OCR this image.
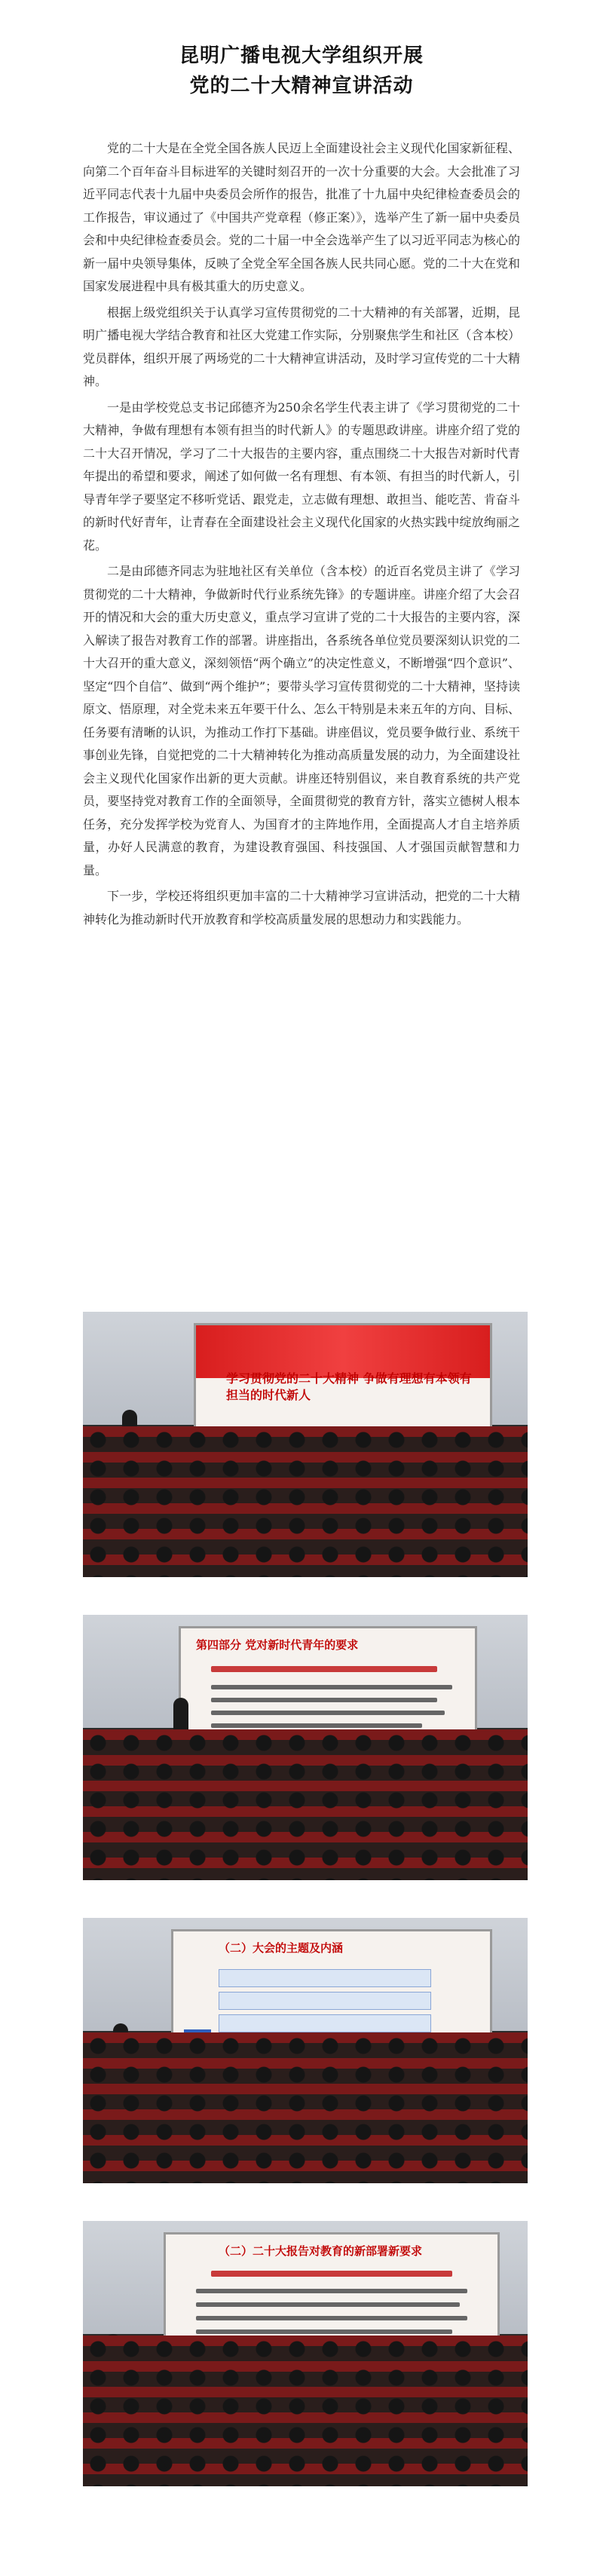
昆明广播电视大学组织开展
党的二十大精神宣讲活动

党的二十大是在全党全国各族人民迈上全面建设社会主义现代化国家新征程、向第二个百年奋斗目标进军的关键时刻召开的一次十分重要的大会。大会批准了习近平同志代表十九届中央委员会所作的报告，批准了十九届中央纪律检查委员会的工作报告，审议通过了《中国共产党章程（修正案）》，选举产生了新一届中央委员会和中央纪律检查委员会。党的二十届一中全会选举产生了以习近平同志为核心的新一届中央领导集体，反映了全党全军全国各族人民共同心愿。党的二十大在党和国家发展进程中具有极其重大的历史意义。

根据上级党组织关于认真学习宣传贯彻党的二十大精神的有关部署，近期，昆明广播电视大学结合教育和社区大党建工作实际，分别聚焦学生和社区（含本校）党员群体，组织开展了两场党的二十大精神宣讲活动，及时学习宣传党的二十大精神。

一是由学校党总支书记邱德齐为250余名学生代表主讲了《学习贯彻党的二十大精神，争做有理想有本领有担当的时代新人》的专题思政讲座。讲座介绍了党的二十大召开情况，学习了二十大报告的主要内容，重点围绕二十大报告对新时代青年提出的希望和要求，阐述了如何做一名有理想、有本领、有担当的时代新人，引导青年学子要坚定不移听党话、跟党走，立志做有理想、敢担当、能吃苦、肯奋斗的新时代好青年，让青春在全面建设社会主义现代化国家的火热实践中绽放绚丽之花。

二是由邱德齐同志为驻地社区有关单位（含本校）的近百名党员主讲了《学习贯彻党的二十大精神，争做新时代行业系统先锋》的专题讲座。讲座介绍了大会召开的情况和大会的重大历史意义，重点学习宣讲了党的二十大报告的主要内容，深入解读了报告对教育工作的部署。讲座指出，各系统各单位党员要深刻认识党的二十大召开的重大意义，深刻领悟“两个确立”的决定性意义，不断增强“四个意识”、坚定“四个自信”、做到“两个维护”；要带头学习宣传贯彻党的二十大精神，坚持读原文、悟原理，对全党未来五年要干什么、怎么干特别是未来五年的方向、目标、任务要有清晰的认识，为推动工作打下基础。讲座倡议，党员要争做行业、系统干事创业先锋，自觉把党的二十大精神转化为推动高质量发展的动力，为全面建设社会主义现代化国家作出新的更大贡献。讲座还特别倡议，来自教育系统的共产党员，要坚持党对教育工作的全面领导，全面贯彻党的教育方针，落实立德树人根本任务，充分发挥学校为党育人、为国育才的主阵地作用，全面提高人才自主培养质量，办好人民满意的教育，为建设教育强国、科技强国、人才强国贡献智慧和力量。

下一步，学校还将组织更加丰富的二十大精神学习宣讲活动，把党的二十大精神转化为推动新时代开放教育和学校高质量发展的思想动力和实践能力。

学习贯彻党的二十大精神 争做有理想有本领有担当的时代新人
第四部分 党对新时代青年的要求
（二）大会的主题及内涵
（二）二十大报告对教育的新部署新要求
